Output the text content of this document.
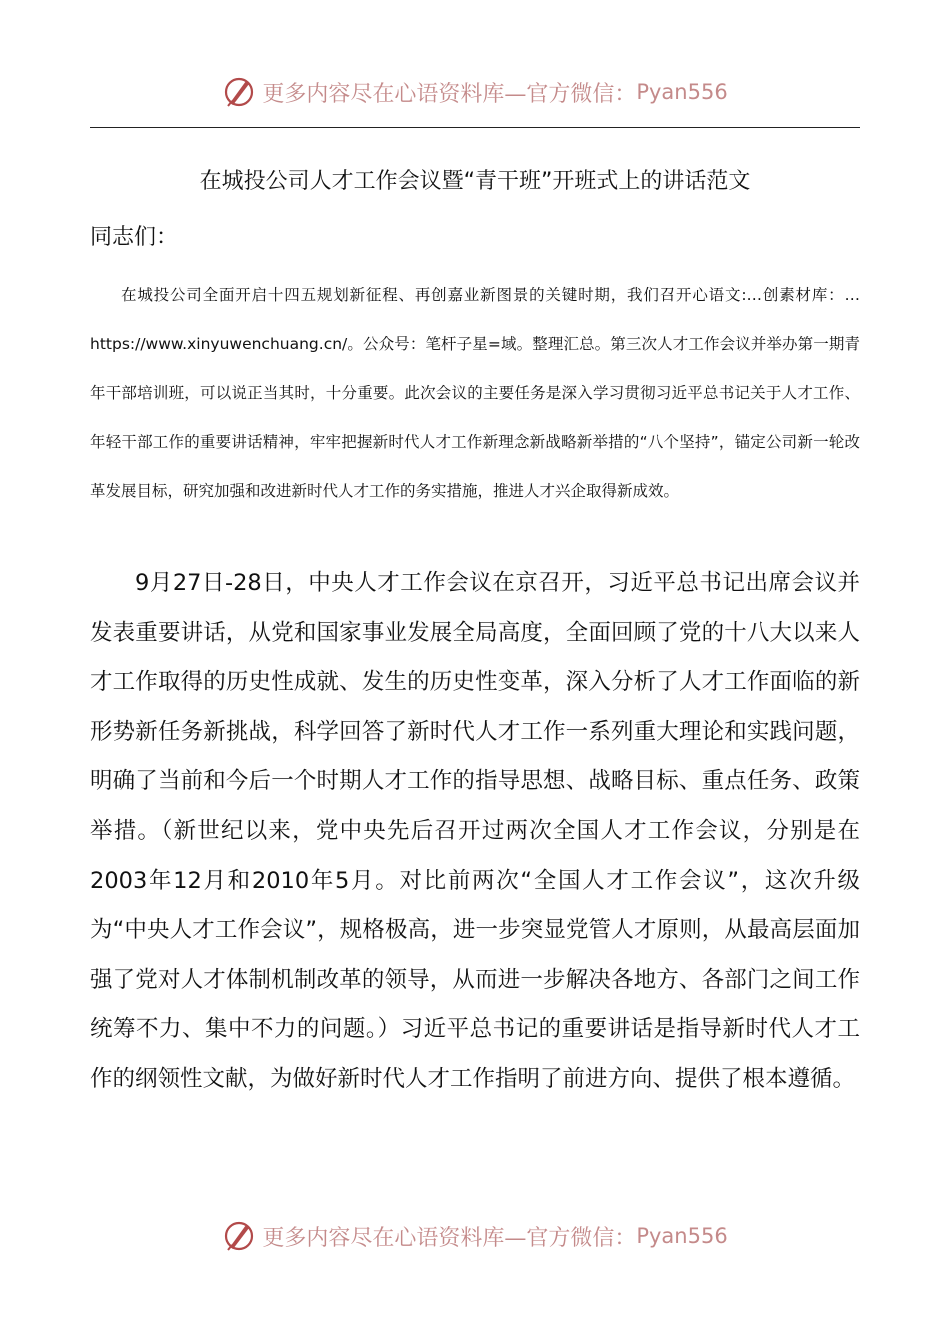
更多内容尽在心语资料库—官方微信： Pyan556
在城投公司人才工作会议暨“青干班”开班式上的讲话范文
同志们：

在城投公司全面开启十四五规划新征程、再创嘉业新图景的关键时期，我们召开心语文:…创素材库：…https://www.xinyuwenchuang.cn/。公众号：笔杆子星=域。整理汇总。第三次人才工作会议并举办第一期青年干部培训班，可以说正当其时，十分重要。此次会议的主要任务是深入学习贯彻习近平总书记关于人才工作、年轻干部工作的重要讲话精神，牢牢把握新时代人才工作新理念新战略新举措的“八个坚持”，锚定公司新一轮改革发展目标，研究加强和改进新时代人才工作的务实措施，推进人才兴企取得新成效。

9月27日-28日，中央人才工作会议在京召开，习近平总书记出席会议并发表重要讲话，从党和国家事业发展全局高度，全面回顾了党的十八大以来人才工作取得的历史性成就、发生的历史性变革，深入分析了人才工作面临的新形势新任务新挑战，科学回答了新时代人才工作一系列重大理论和实践问题，明确了当前和今后一个时期人才工作的指导思想、战略目标、重点任务、政策举措。（新世纪以来，党中央先后召开过两次全国人才工作会议，分别是在2003年12月和2010年5月。对比前两次“全国人才工作会议”，这次升级为“中央人才工作会议”，规格极高，进一步突显党管人才原则，从最高层面加强了党对人才体制机制改革的领导，从而进一步解决各地方、各部门之间工作统筹不力、集中不力的问题。）习近平总书记的重要讲话是指导新时代人才工作的纲领性文献，为做好新时代人才工作指明了前进方向、提供了根本遵循。

更多内容尽在心语资料库—官方微信： Pyan556
